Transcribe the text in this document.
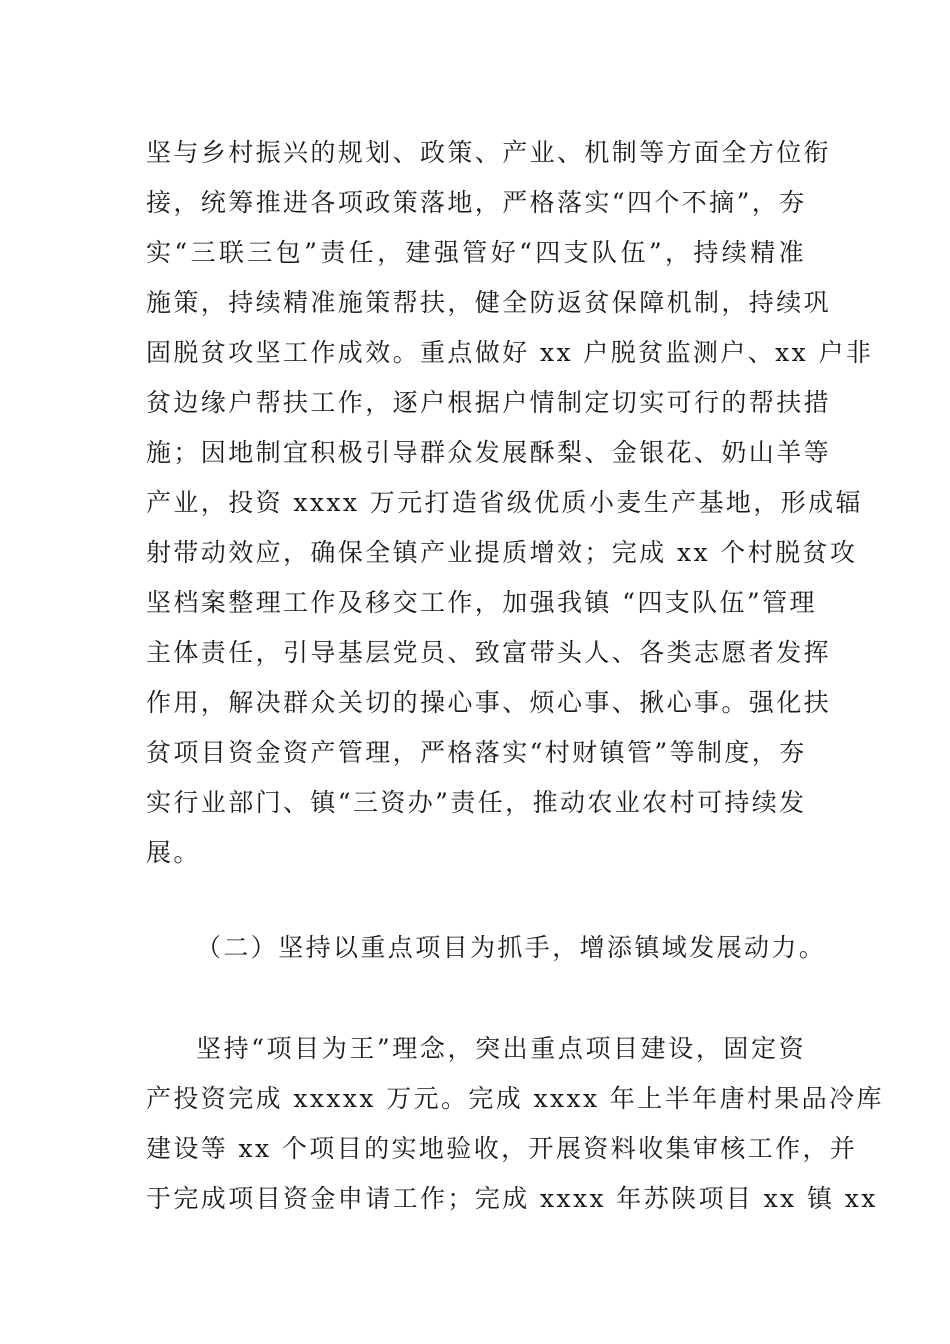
坚与乡村振兴的规划、政策、产业、机制等方面全方位衔
接，统筹推进各项政策落地，严格落实“四个不摘”，夯
实“三联三包”责任，建强管好“四支队伍”，持续精准
施策，持续精准施策帮扶，健全防返贫保障机制，持续巩
固脱贫攻坚工作成效。重点做好 xx 户脱贫监测户、xx 户非
贫边缘户帮扶工作，逐户根据户情制定切实可行的帮扶措
施；因地制宜积极引导群众发展酥梨、金银花、奶山羊等
产业，投资 xxxx 万元打造省级优质小麦生产基地，形成辐
射带动效应，确保全镇产业提质增效；完成 xx 个村脱贫攻
坚档案整理工作及移交工作，加强我镇 “四支队伍”管理
主体责任，引导基层党员、致富带头人、各类志愿者发挥
作用，解决群众关切的操心事、烦心事、揪心事。强化扶
贫项目资金资产管理，严格落实“村财镇管”等制度，夯
实行业部门、镇“三资办”责任，推动农业农村可持续发
展。
（二）坚持以重点项目为抓手，增添镇域发展动力。
坚持“项目为王”理念，突出重点项目建设，固定资
产投资完成 xxxxx 万元。完成 xxxx 年上半年唐村果品冷库
建设等 xx 个项目的实地验收，开展资料收集审核工作，并
于完成项目资金申请工作；完成 xxxx 年苏陕项目 xx 镇 xx
